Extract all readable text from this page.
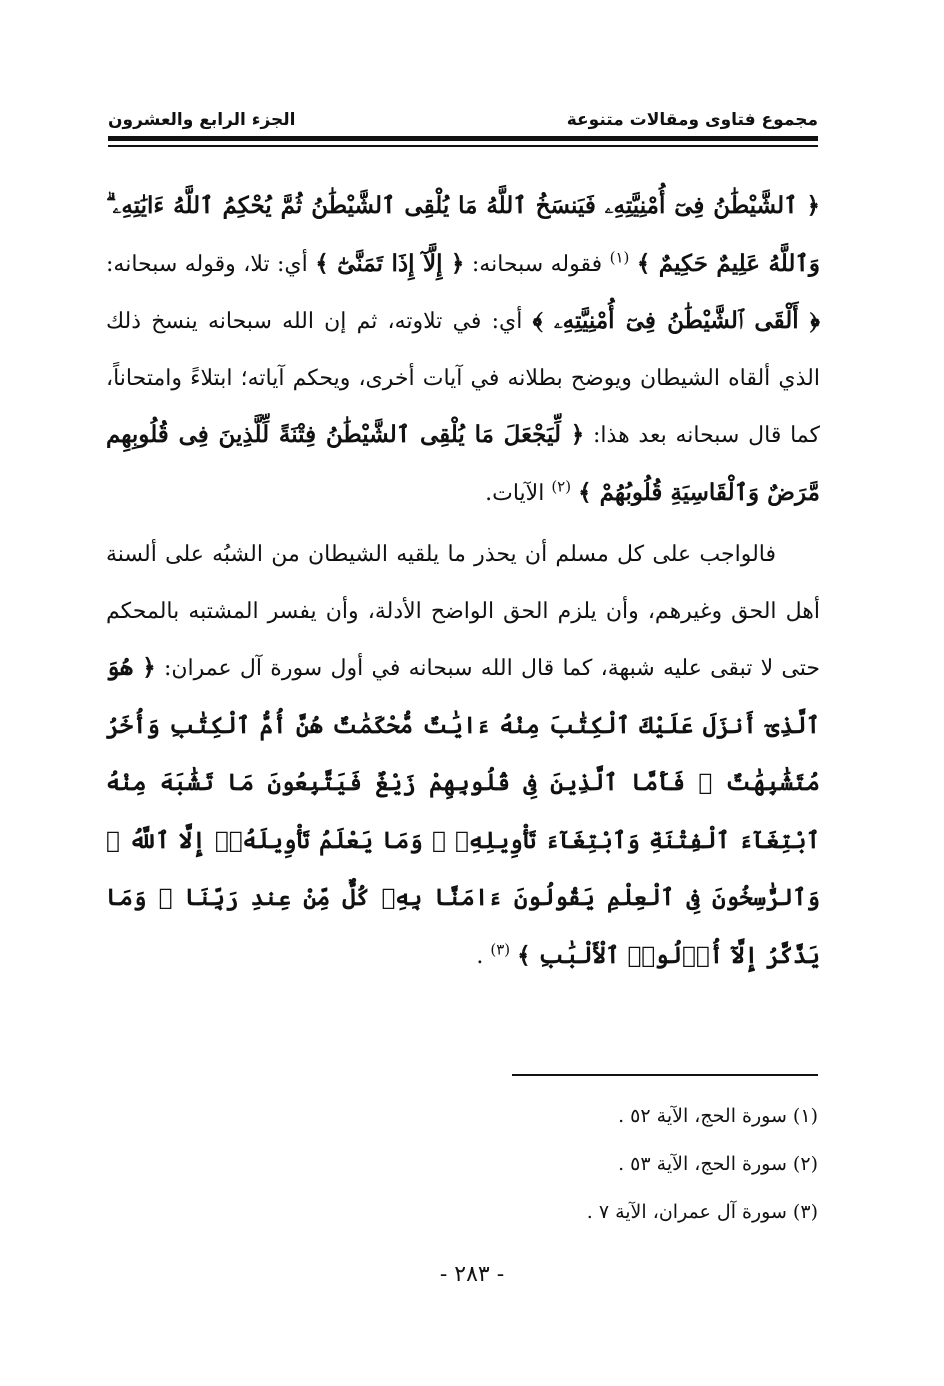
مجموع فتاوى ومقالات متنوعة
الجزء الرابع والعشرون

﴿ ٱلشَّيْطَٰنُ فِىٓ أُمْنِيَّتِهِۦ فَيَنسَخُ ٱللَّهُ مَا يُلْقِى ٱلشَّيْطَٰنُ ثُمَّ يُحْكِمُ ٱللَّهُ ءَايَٰتِهِۦ ۗ وَٱللَّهُ عَلِيمٌ حَكِيمٌ ﴾ $^{(١)}$ فقوله سبحانه: ﴿ إِلَّآ إِذَا تَمَنَّىٰٓ ﴾ أي: تلا، وقوله سبحانه: ﴿ أَلْقَى ٱلشَّيْطَٰنُ فِىٓ أُمْنِيَّتِهِۦ ﴾ أي: في تلاوته، ثم إن الله سبحانه ينسخ ذلك الذي ألقاه الشيطان ويوضح بطلانه في آيات أخرى، ويحكم آياته؛ ابتلاءً وامتحاناً، كما قال سبحانه بعد هذا: ﴿ لِّيَجْعَلَ مَا يُلْقِى ٱلشَّيْطَٰنُ فِتْنَةً لِّلَّذِينَ فِى قُلُوبِهِم مَّرَضٌ وَٱلْقَاسِيَةِ قُلُوبُهُمْ ﴾ $^{(٢)}$ الآيات.

فالواجب على كل مسلم أن يحذر ما يلقيه الشيطان من الشبُه على ألسنة أهل الحق وغيرهم، وأن يلزم الحق الواضح الأدلة، وأن يفسر المشتبه بالمحكم حتى لا تبقى عليه شبهة، كما قال الله سبحانه في أول سورة آل عمران: ﴿ هُوَ ٱلَّذِىٓ أَنزَلَ عَلَيْكَ ٱلْكِتَٰبَ مِنْهُ ءَايَٰتٌ مُّحْكَمَٰتٌ هُنَّ أُمُّ ٱلْكِتَٰبِ وَأُخَرُ مُتَشَٰبِهَٰتٌ ۖ فَأَمَّا ٱلَّذِينَ فِى قُلُوبِهِمْ زَيْغٌ فَيَتَّبِعُونَ مَا تَشَٰبَهَ مِنْهُ ٱبْتِغَآءَ ٱلْفِتْنَةِ وَٱبْتِغَآءَ تَأْوِيلِهِۦ ۗ وَمَا يَعْلَمُ تَأْوِيلَهُۥٓ إِلَّا ٱللَّهُ ۗ وَٱلرَّٰسِخُونَ فِى ٱلْعِلْمِ يَقُولُونَ ءَامَنَّا بِهِۦ كُلٌّ مِّنْ عِندِ رَبِّنَا ۗ وَمَا يَذَّكَّرُ إِلَّآ أُو۟لُوا۟ ٱلْأَلْبَٰبِ ﴾ $^{(٣)}$ .

(١) سورة الحج، الآية ٥٢ .
(٢) سورة الحج، الآية ٥٣ .
(٣) سورة آل عمران، الآية ٧ .
- ٢٨٣ -
